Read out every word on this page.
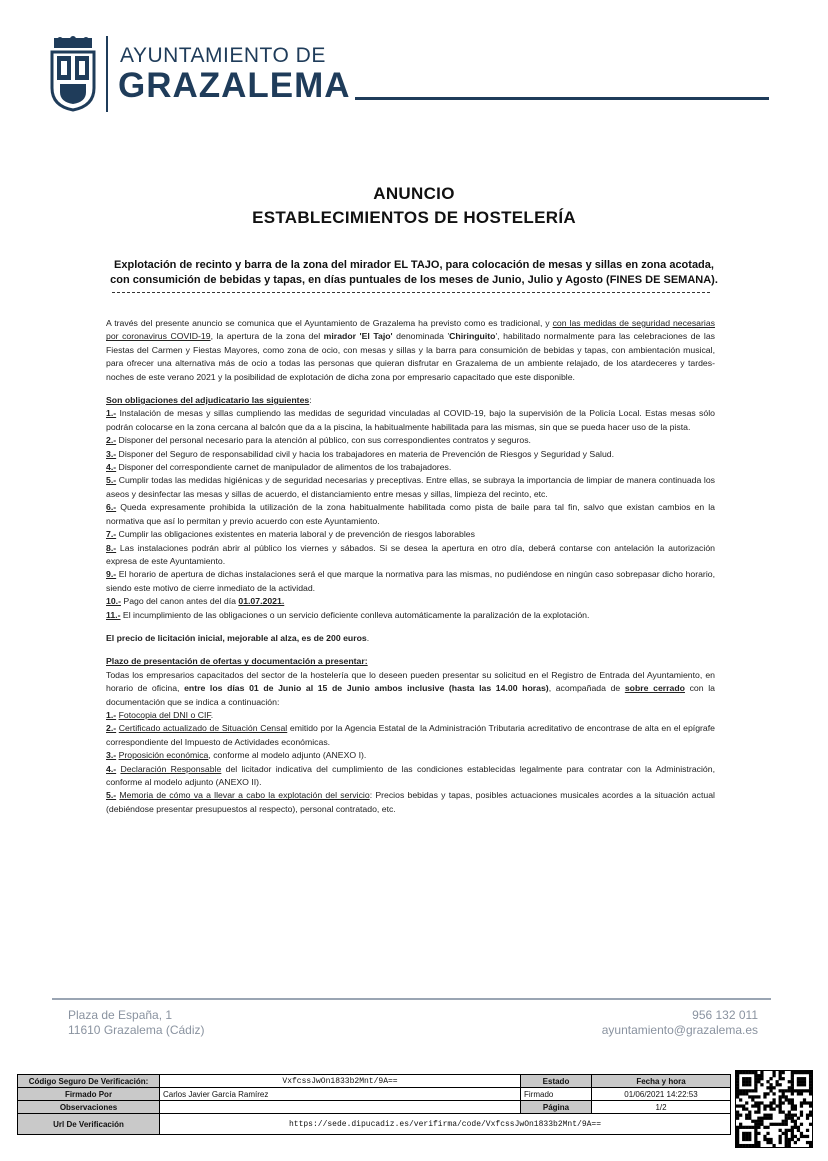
AYUNTAMIENTO DE
GRAZALEMA
ANUNCIO
ESTABLECIMIENTOS DE HOSTELERÍA
Explotación de recinto y barra de la zona del mirador EL TAJO, para colocación de mesas y sillas en zona acotada,
con consumición de bebidas y tapas, en días puntuales de los meses de Junio, Julio y Agosto (FINES DE SEMANA).

A través del presente anuncio se comunica que el Ayuntamiento de Grazalema ha previsto como es tradicional, y con las medidas de seguridad necesarias por coronavirus COVID-19, la apertura de la zona del mirador 'El Tajo' denominada 'Chiringuito', habilitado normalmente para las celebraciones de las Fiestas del Carmen y Fiestas Mayores, como zona de ocio, con mesas y sillas y la barra para consumición de bebidas y tapas, con ambientación musical, para ofrecer una alternativa más de ocio a todas las personas que quieran disfrutar en Grazalema de un ambiente relajado, de los atardeceres y tardes-noches de este verano 2021 y la posibilidad de explotación de dicha zona por empresario capacitado que este disponible.

Son obligaciones del adjudicatario las siguientes:

1.- Instalación de mesas y sillas cumpliendo las medidas de seguridad vinculadas al COVID-19, bajo la supervisión de la Policía Local. Estas mesas sólo podrán colocarse en la zona cercana al balcón que da a la piscina, la habitualmente habilitada para las mismas, sin que se pueda hacer uso de la pista.

2.- Disponer del personal necesario para la atención al público, con sus correspondientes contratos y seguros.

3.- Disponer del Seguro de responsabilidad civil y hacia los trabajadores en materia de Prevención de Riesgos y Seguridad y Salud.

4.- Disponer del correspondiente carnet de manipulador de alimentos de los trabajadores.

5.- Cumplir todas las medidas higiénicas y de seguridad necesarias y preceptivas. Entre ellas, se subraya la importancia de limpiar de manera continuada los aseos y desinfectar las mesas y sillas de acuerdo, el distanciamiento entre mesas y sillas, limpieza del recinto, etc.

6.- Queda expresamente prohibida la utilización de la zona habitualmente habilitada como pista de baile para tal fin, salvo que existan cambios en la normativa que así lo permitan y previo acuerdo con este Ayuntamiento.

7.- Cumplir las obligaciones existentes en materia laboral y de prevención de riesgos laborables

8.- Las instalaciones podrán abrir al público los viernes y sábados. Si se desea la apertura en otro día, deberá contarse con antelación la autorización expresa de este Ayuntamiento.

9.- El horario de apertura de dichas instalaciones será el que marque la normativa para las mismas, no pudiéndose en ningún caso sobrepasar dicho horario, siendo este motivo de cierre inmediato de la actividad.

10.- Pago del canon antes del día 01.07.2021.

11.- El incumplimiento de las obligaciones o un servicio deficiente conlleva automáticamente la paralización de la explotación.

El precio de licitación inicial, mejorable al alza, es de 200 euros.

Plazo de presentación de ofertas y documentación a presentar:

Todas los empresarios capacitados del sector de la hostelería que lo deseen pueden presentar su solicitud en el Registro de Entrada del Ayuntamiento, en horario de oficina, entre los días 01 de Junio al 15 de Junio ambos inclusive (hasta las 14.00 horas), acompañada de sobre cerrado con la documentación que se indica a continuación:

1.- Fotocopia del DNI o CIF.

2.- Certificado actualizado de Situación Censal emitido por la Agencia Estatal de la Administración Tributaria acreditativo de encontrase de alta en el epígrafe correspondiente del Impuesto de Actividades económicas.

3.- Proposición económica, conforme al modelo adjunto (ANEXO I).

4.- Declaración Responsable del licitador indicativa del cumplimiento de las condiciones establecidas legalmente para contratar con la Administración, conforme al modelo adjunto (ANEXO II).

5.- Memoria de cómo va a llevar a cabo la explotación del servicio: Precios bebidas y tapas, posibles actuaciones musicales acordes a la situación actual (debiéndose presentar presupuestos al respecto), personal contratado, etc.

Plaza de España, 1
11610 Grazalema (Cádiz)
956 132 011
ayuntamiento@grazalema.es
Código Seguro De Verificación:	VxfcssJwOn1833b2Mnt/9A==	Estado	Fecha y hora
Firmado Por	Carlos Javier García Ramírez	Firmado	01/06/2021 14:22:53
Observaciones		Página	1/2
Url De Verificación	https://sede.dipucadiz.es/verifirma/code/VxfcssJwOn1833b2Mnt/9A==		
